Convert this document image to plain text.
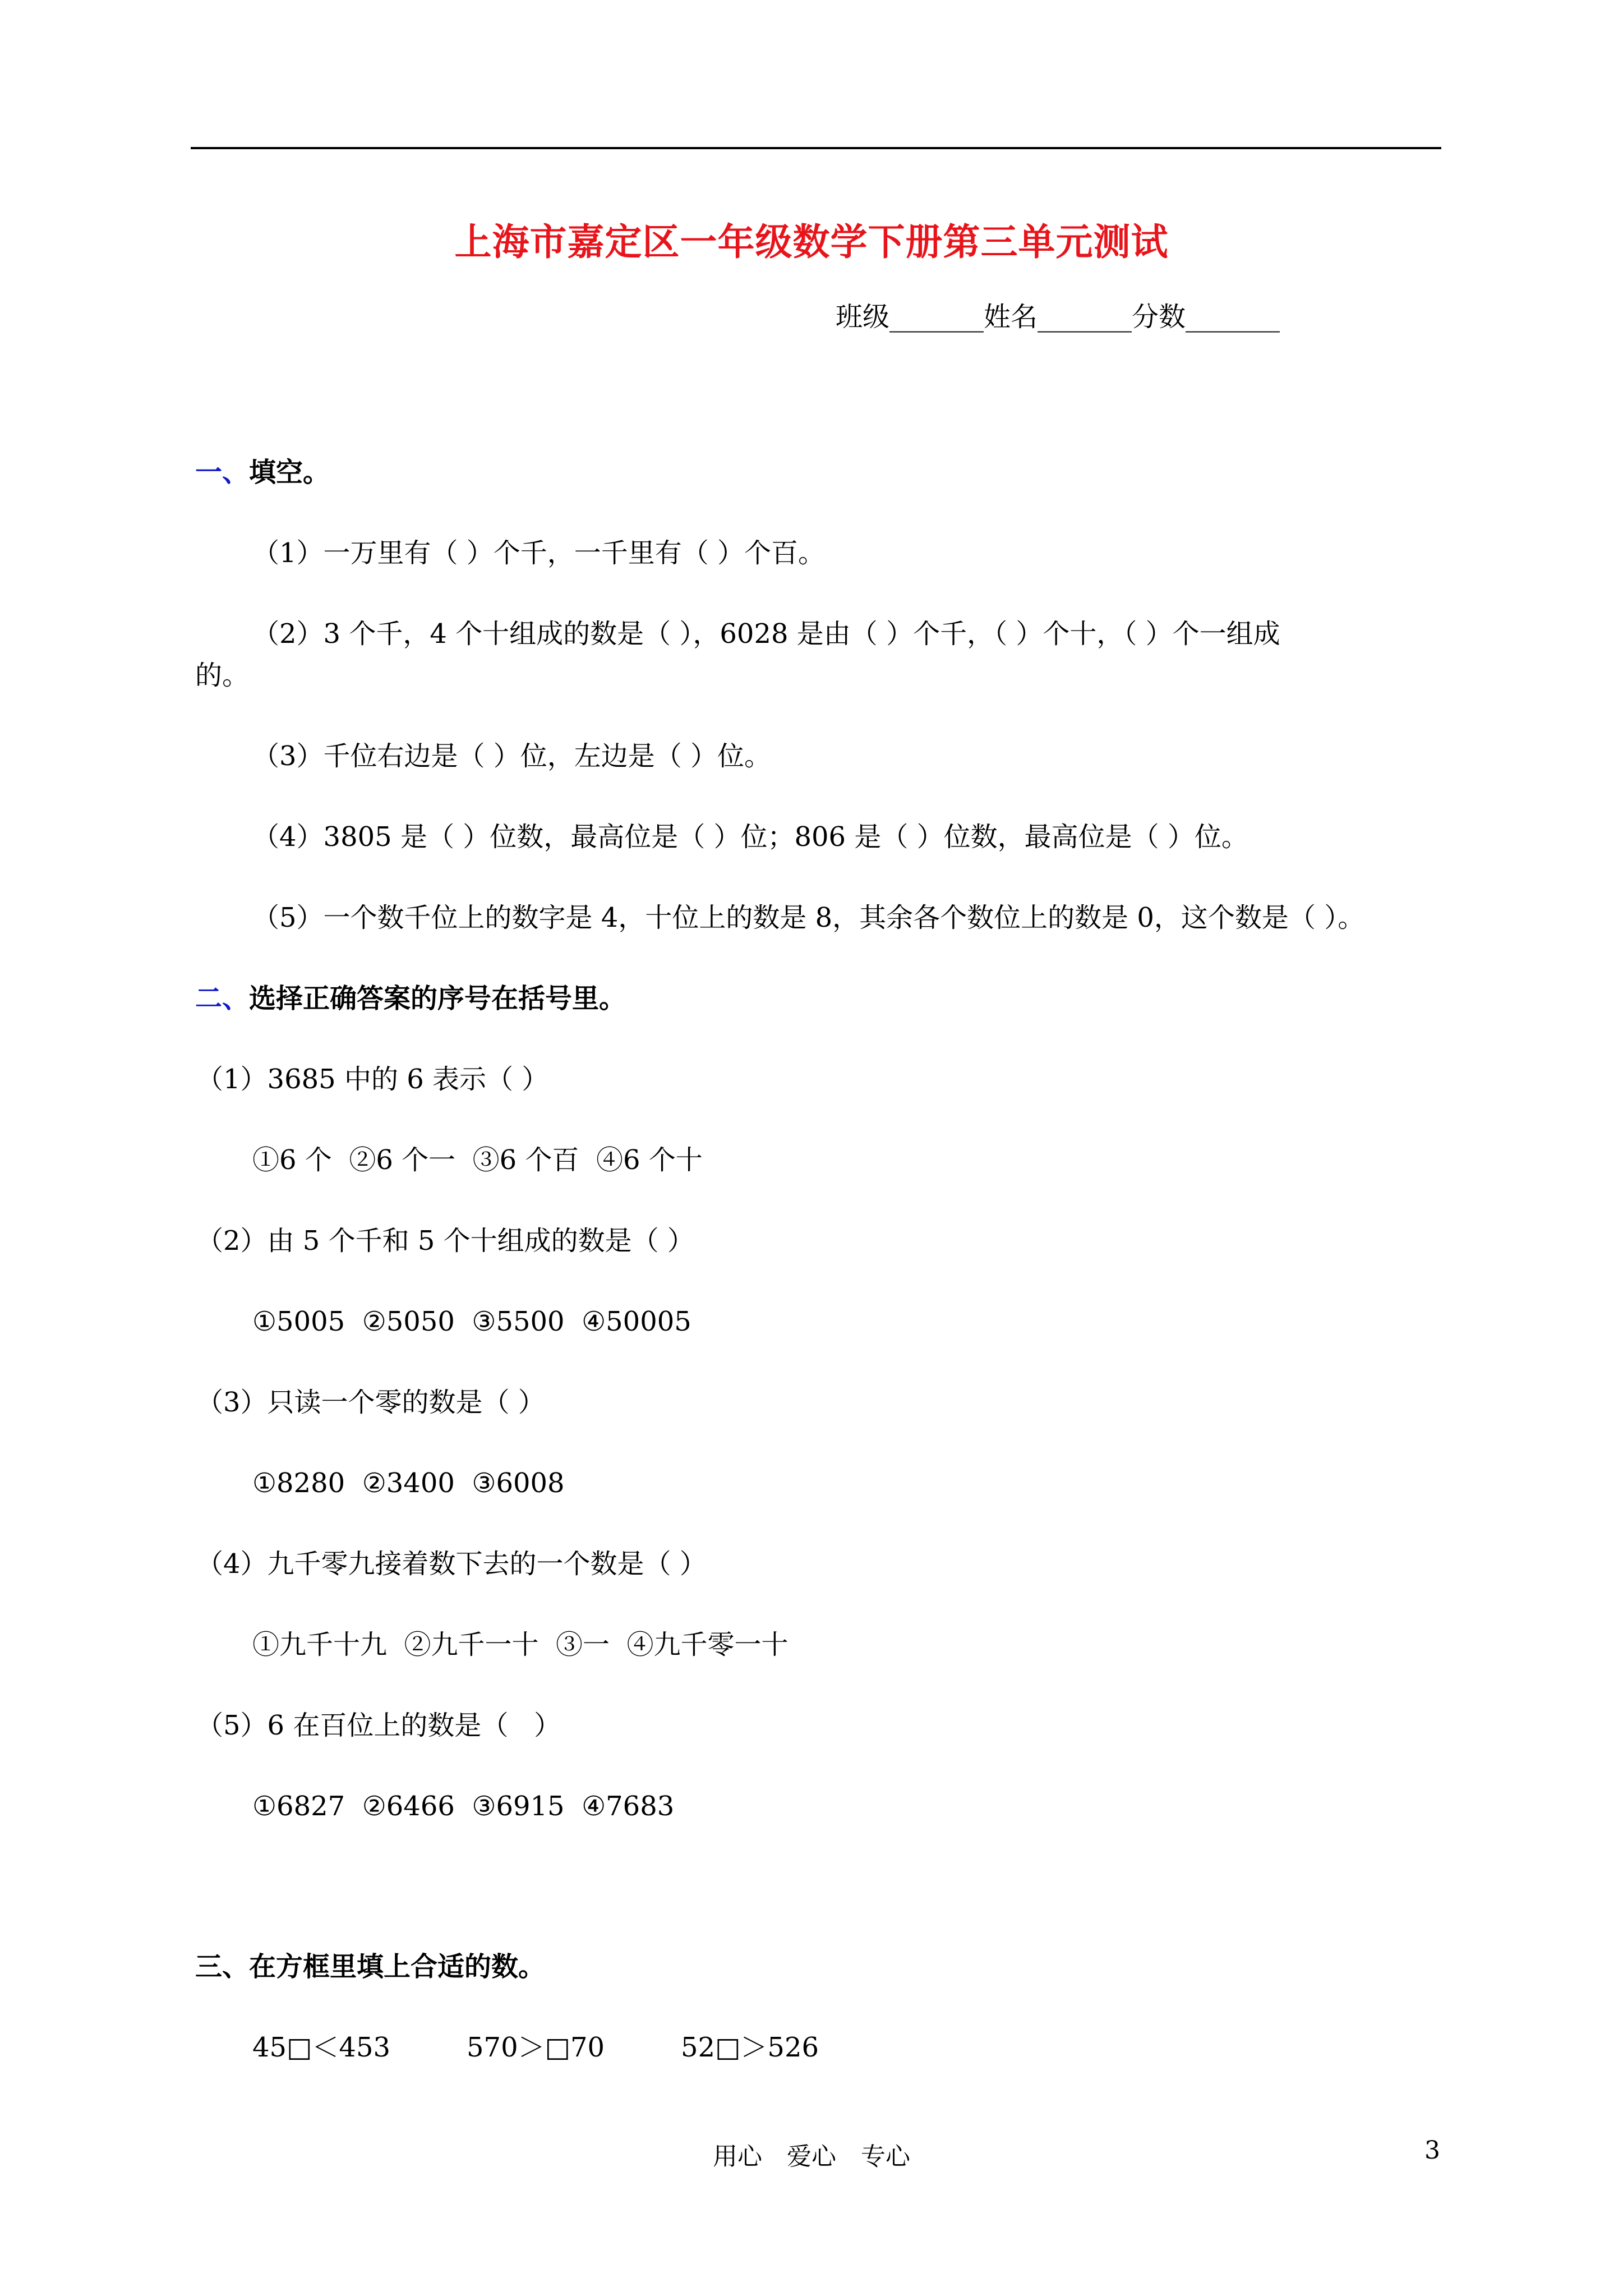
上海市嘉定区一年级数学下册第三单元测试
班级_______姓名_______分数_______
一、填空。
（1）一万里有（ ）个千，一千里有（ ）个百。
（2）3 个千，4 个十组成的数是（ ），6028 是由（ ）个千，（ ）个十，（ ）个一组成
的。
（3）千位右边是（ ）位，左边是（ ）位。
（4）3805 是（ ）位数，最高位是（ ）位；806 是（ ）位数，最高位是（ ）位。
（5）一个数千位上的数字是 4，十位上的数是 8，其余各个数位上的数是 0，这个数是（ ）。
二、选择正确答案的序号在括号里。
（1）3685 中的 6 表示（ ）
①6 个  ②6 个一  ③6 个百  ④6 个十
（2）由 5 个千和 5 个十组成的数是（ ）
①5005  ②5050  ③5500  ④50005
（3）只读一个零的数是（ ）
①8280  ②3400  ③6008
（4）九千零九接着数下去的一个数是（ ）
①九千十九  ②九千一十  ③一  ④九千零一十
（5）6 在百位上的数是（   ）
①6827  ②6466  ③6915  ④7683
三、在方框里填上合适的数。
45□＜453	570＞□70	52□＞526
用心　爱心　专心	3
